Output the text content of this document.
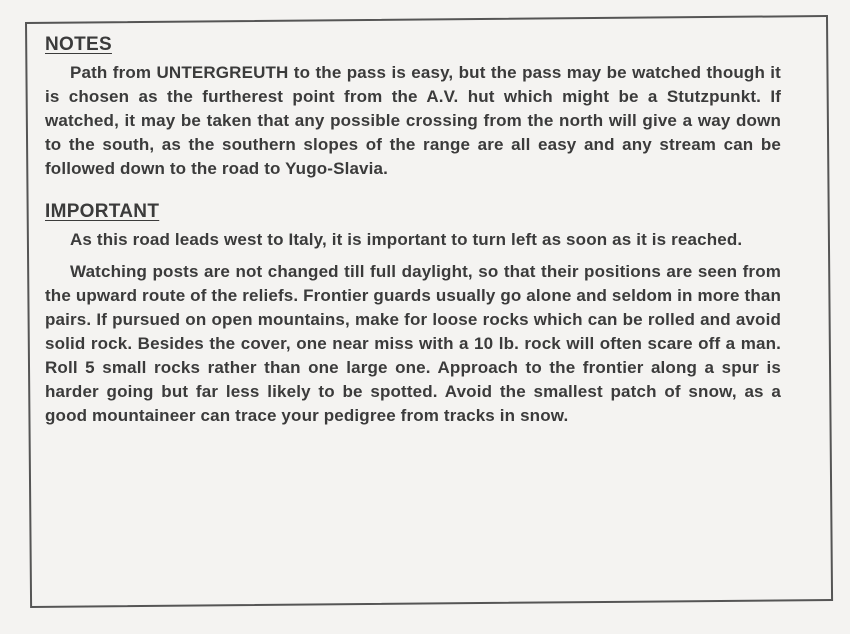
NOTES

Path from UNTERGREUTH to the pass is easy, but the pass may be watched though it is chosen as the furtherest point from the A.V. hut which might be a Stutzpunkt. If watched, it may be taken that any possible crossing from the north will give a way down to the south, as the southern slopes of the range are all easy and any stream can be followed down to the road to Yugo-Slavia.

IMPORTANT

As this road leads west to Italy, it is important to turn left as soon as it is reached.

Watching posts are not changed till full daylight, so that their positions are seen from the upward route of the reliefs. Frontier guards usually go alone and seldom in more than pairs. If pursued on open mountains, make for loose rocks which can be rolled and avoid solid rock. Besides the cover, one near miss with a 10 lb. rock will often scare off a man. Roll 5 small rocks rather than one large one. Approach to the frontier along a spur is harder going but far less likely to be spotted. Avoid the smallest patch of snow, as a good mountaineer can trace your pedigree from tracks in snow.
